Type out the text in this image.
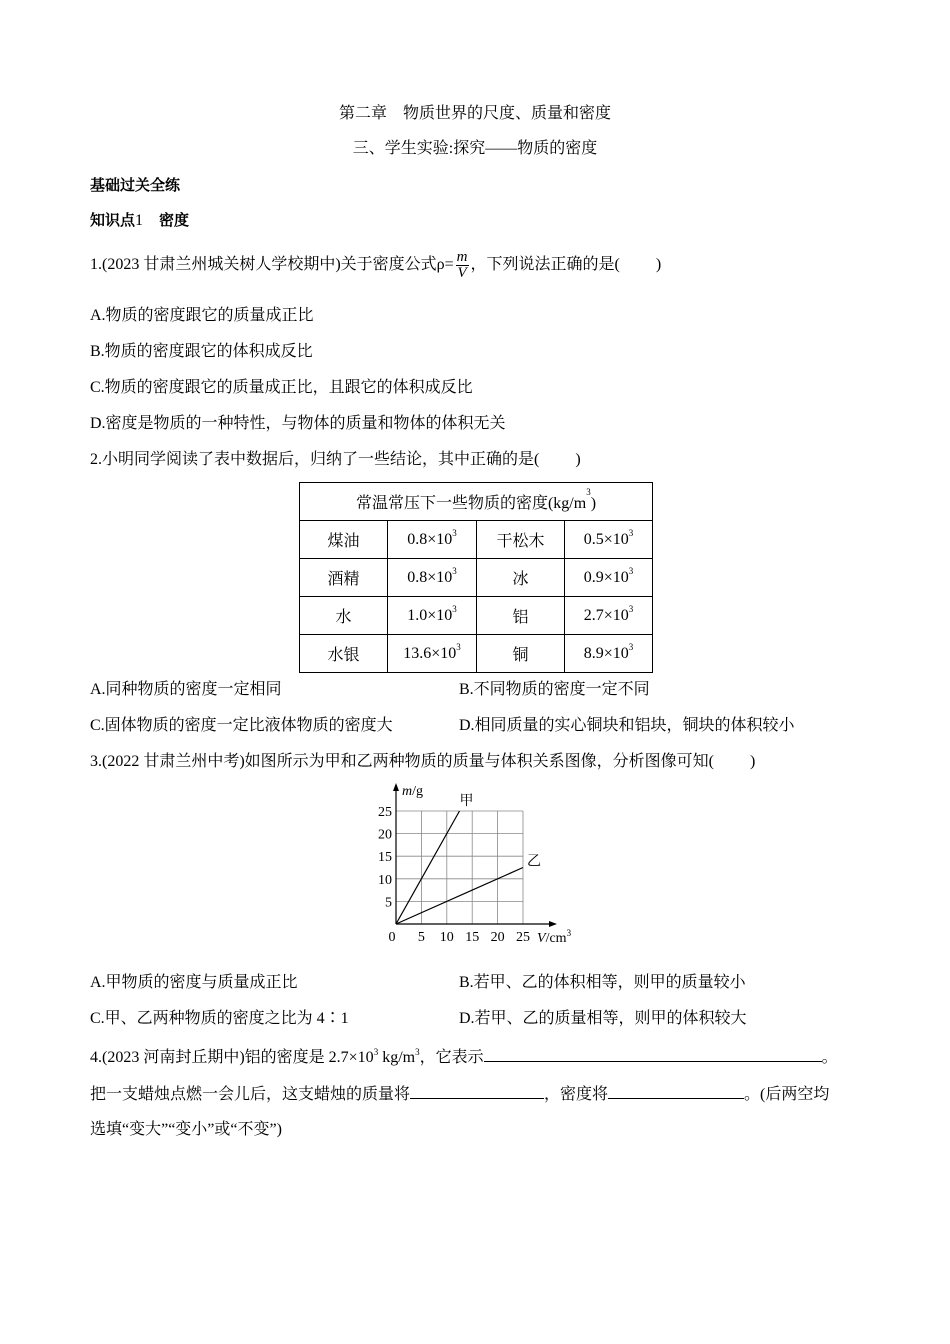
第二章　物质世界的尺度、质量和密度
三、学生实验:探究——物质的密度
基础过关全练
知识点1　 密度
1.(2023 甘肃兰州城关树人学校期中)关于密度公式$\rho= \frac{m}{V}$ ，下列说法正确的是( )
A.物质的密度跟它的质量成正比
B.物质的密度跟它的体积成反比
C.物质的密度跟它的质量成正比，且跟它的体积成反比
D.密度是物质的一种特性，与物体的质量和物体的体积无关
2.小明同学阅读了表中数据后，归纳了一些结论，其中正确的是( )
常温常压下一些物质的密度$(kg/m^3)$			
煤油	$0.8\times 10^3$	干松木	$0.5\times 10^3$
酒精	$0.8\times 10^3$	冰	$0.9\times 10^3$
水	$1.0\times 10^3$	铝	$2.7\times 10^3$
水银	$13.6\times 10^3$	铜	$8.9\times 10^3$
A.同种物质的密度一定相同	B.不同物质的密度一定不同
C.固体物质的密度一定比液体物质的密度大	D.相同质量的实心铜块和铝块，铜块的体积较小
3.(2022 甘肃兰州中考)如图所示为甲和乙两种物质的质量与体积关系图像，分析图像可知( )
0 5 10 15 20 25
5
10
15
20
25
m/g
$V/cm^3$
甲
乙
A.甲物质的密度与质量成正比	B.若甲、乙的体积相等，则甲的质量较小
C.甲、乙两种物质的密度之比为 4∶1	D.若甲、乙的质量相等，则甲的体积较大
4.(2023 河南封丘期中)铝的密度是 $2.7\times 10^3$ $kg/m^3$，它表示	。
把一支蜡烛点燃一会儿后，这支蜡烛的质量将	，密度将	。(后两空均
选填“变大”“变小”或“不变”)
